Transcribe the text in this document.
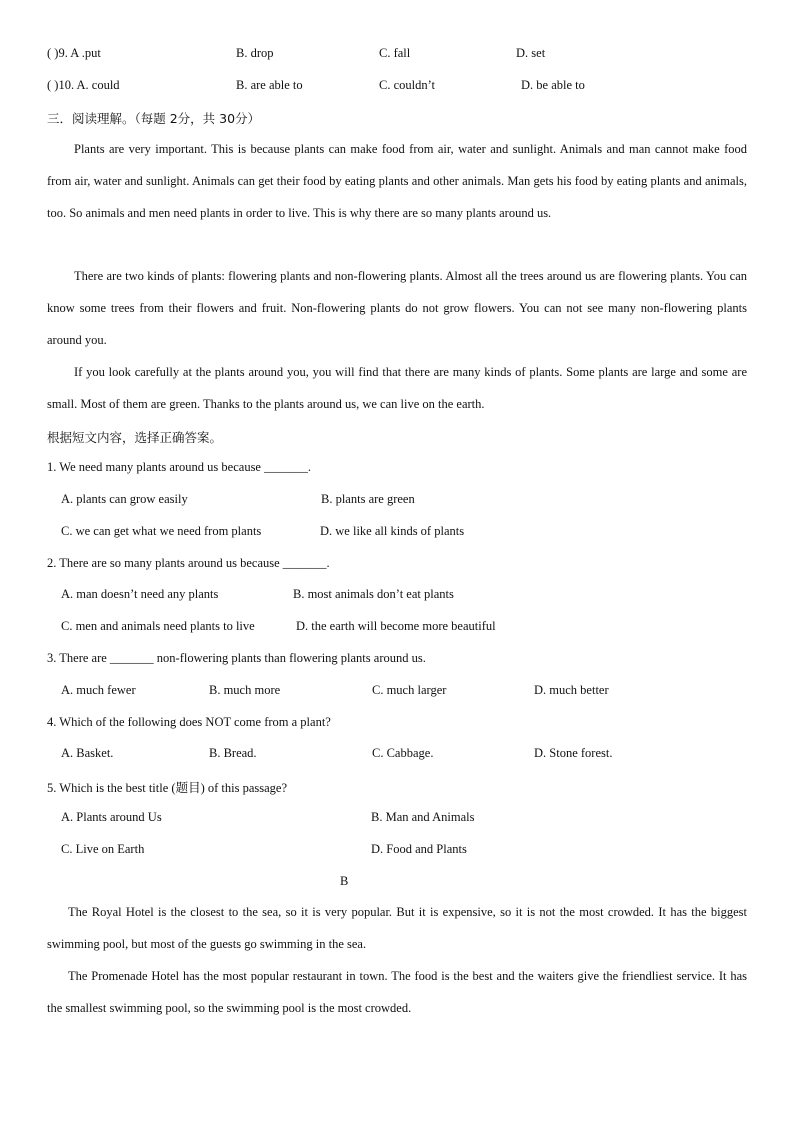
( )9. A .put	B. drop	C. fall	D. set
( )10. A. could	B. are able to	C. couldn’t	D. be able to
三．阅读理解。（每题 2分，共 30分）
Plants are very important. This is because plants can make food from air, water and sunlight. Animals and man cannot make food from air, water and sunlight. Animals can get their food by eating plants and other animals. Man gets his food by eating plants and animals, too. So animals and men need plants in order to live. This is why there are so many plants around us.
There are two kinds of plants: flowering plants and non-flowering plants. Almost all the trees around us are flowering plants. You can know some trees from their flowers and fruit. Non-flowering plants do not grow flowers. You can not see many non-flowering plants around you.
If you look carefully at the plants around you, you will find that there are many kinds of plants. Some plants are large and some are small. Most of them are green. Thanks to the plants around us, we can live on the earth.
根据短文内容，选择正确答案。
1. We need many plants around us because _______.
A. plants can grow easily	B. plants are green
C. we can get what we need from plants	D. we like all kinds of plants
2. There are so many plants around us because _______.
A. man doesn’t need any plants	B. most animals don’t eat plants
C. men and animals need plants to live	D. the earth will become more beautiful
3. There are _______ non-flowering plants than flowering plants around us.
A. much fewer	B. much more	C. much larger	D. much better
4. Which of the following does NOT come from a plant?
A. Basket.	B. Bread.	C. Cabbage.	D. Stone forest.
5. Which is the best title (题目) of this passage?
A. Plants around Us	B. Man and Animals
C. Live on Earth	D. Food and Plants
B
The Royal Hotel is the closest to the sea, so it is very popular. But it is expensive, so it is not the most crowded. It has the biggest swimming pool, but most of the guests go swimming in the sea.
The Promenade Hotel has the most popular restaurant in town. The food is the best and the waiters give the friendliest service. It has the smallest swimming pool, so the swimming pool is the most crowded.
